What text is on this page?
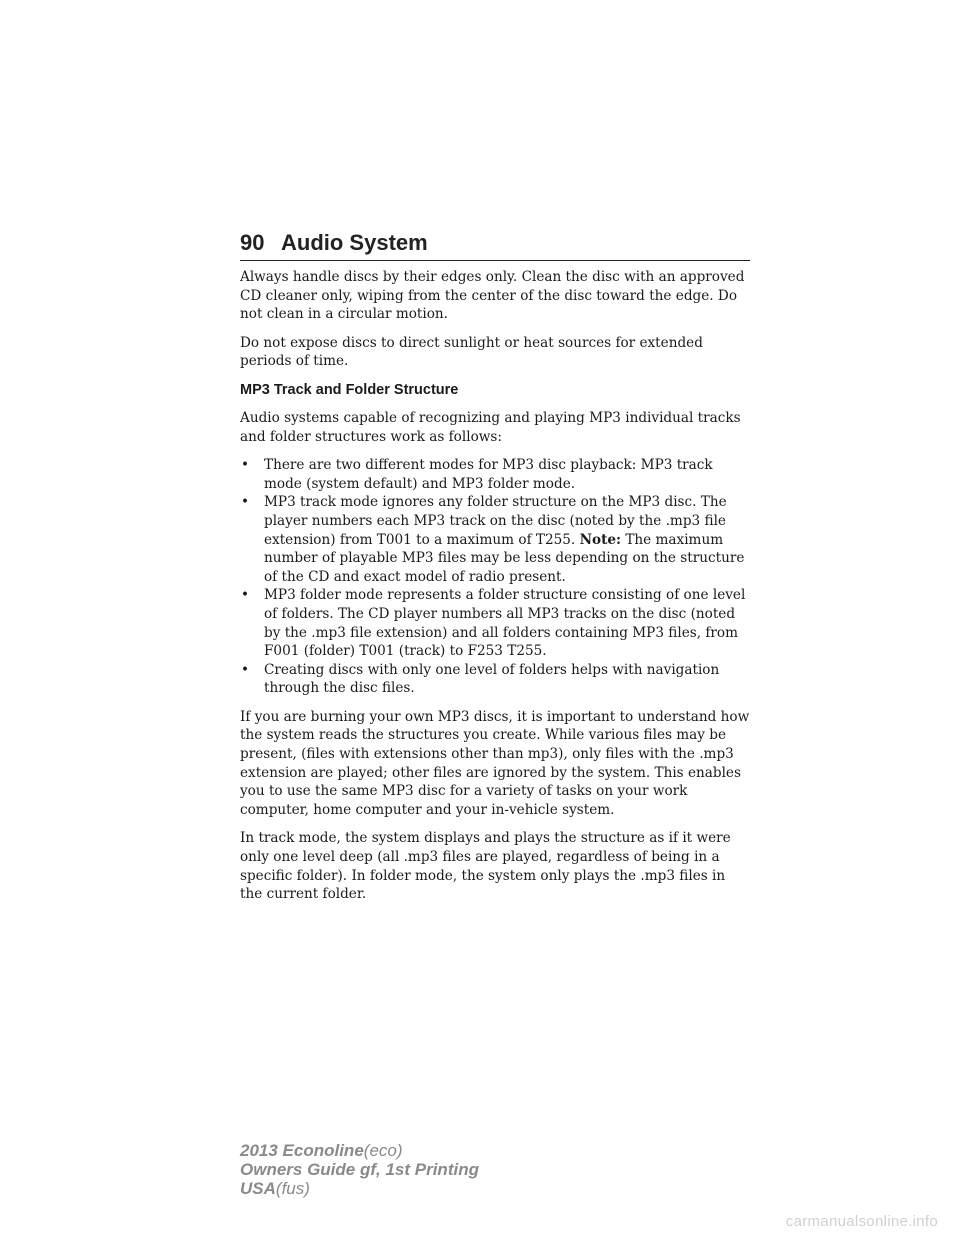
90 Audio System

Always handle discs by their edges only. Clean the disc with an approved CD cleaner only, wiping from the center of the disc toward the edge. Do not clean in a circular motion.

Do not expose discs to direct sunlight or heat sources for extended periods of time.

MP3 Track and Folder Structure

Audio systems capable of recognizing and playing MP3 individual tracks and folder structures work as follows:

• There are two different modes for MP3 disc playback: MP3 track mode (system default) and MP3 folder mode.
• MP3 track mode ignores any folder structure on the MP3 disc. The player numbers each MP3 track on the disc (noted by the .mp3 file extension) from T001 to a maximum of T255. Note: The maximum number of playable MP3 files may be less depending on the structure of the CD and exact model of radio present.
• MP3 folder mode represents a folder structure consisting of one level of folders. The CD player numbers all MP3 tracks on the disc (noted by the .mp3 file extension) and all folders containing MP3 files, from F001 (folder) T001 (track) to F253 T255.
• Creating discs with only one level of folders helps with navigation through the disc files.

If you are burning your own MP3 discs, it is important to understand how the system reads the structures you create. While various files may be present, (files with extensions other than mp3), only files with the .mp3 extension are played; other files are ignored by the system. This enables you to use the same MP3 disc for a variety of tasks on your work computer, home computer and your in-vehicle system.

In track mode, the system displays and plays the structure as if it were only one level deep (all .mp3 files are played, regardless of being in a specific folder). In folder mode, the system only plays the .mp3 files in the current folder.

2013 Econoline(eco)
Owners Guide gf, 1st Printing
USA(fus)
carmanualsonline.info
